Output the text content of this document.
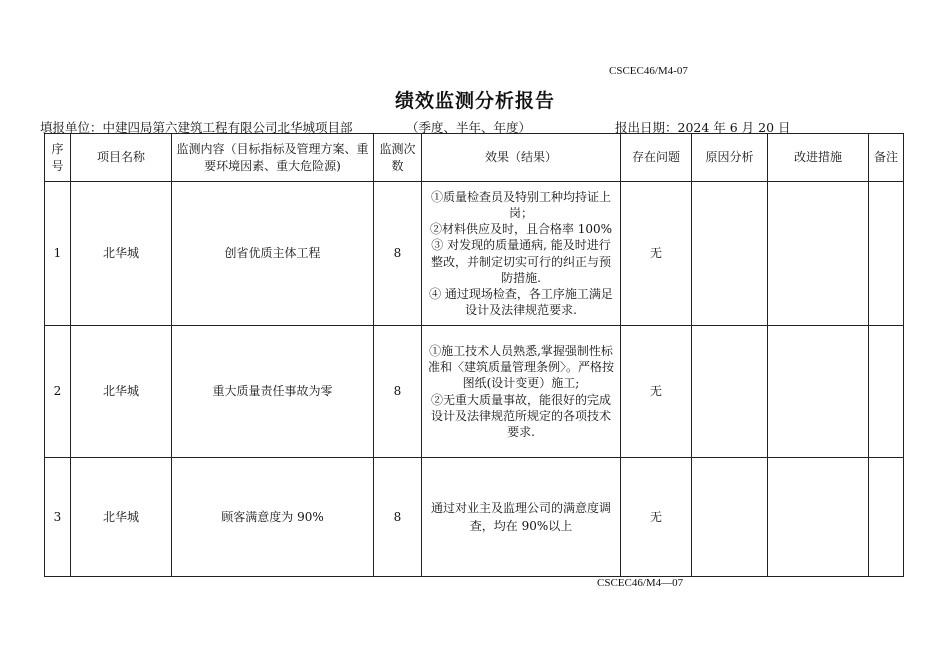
CSCEC46/M4-07
绩效监测分析报告
填报单位：中建四局第六建筑工程有限公司北华城项目部	（季度、半年、年度）	报出日期：2024 年 6 月 20 日
序号	项目名称	监测内容（目标指标及管理方案、重要环境因素、重大危险源)	监测次数	效果（结果）	存在问题	原因分析	改进措施	备注
1	北华城	创省优质主体工程	8	①质量检查员及特别工种均持证上岗；
②材料供应及时，且合格率 100%
③ 对发现的质量通病, 能及时进行整改，并制定切实可行的纠正与预防措施.
④ 通过现场检查，各工序施工满足设计及法律规范要求.	无			
2	北华城	重大质量责任事故为零	8	①施工技术人员熟悉,掌握强制性标准和〈建筑质量管理条例〉。严格按图纸(设计变更）施工;
②无重大质量事故，能很好的完成设计及法律规范所规定的各项技术要求.	无			
3	北华城	顾客满意度为 90%	8	通过对业主及监理公司的满意度调查，均在 90%以上	无			
CSCEC46/M4—07
